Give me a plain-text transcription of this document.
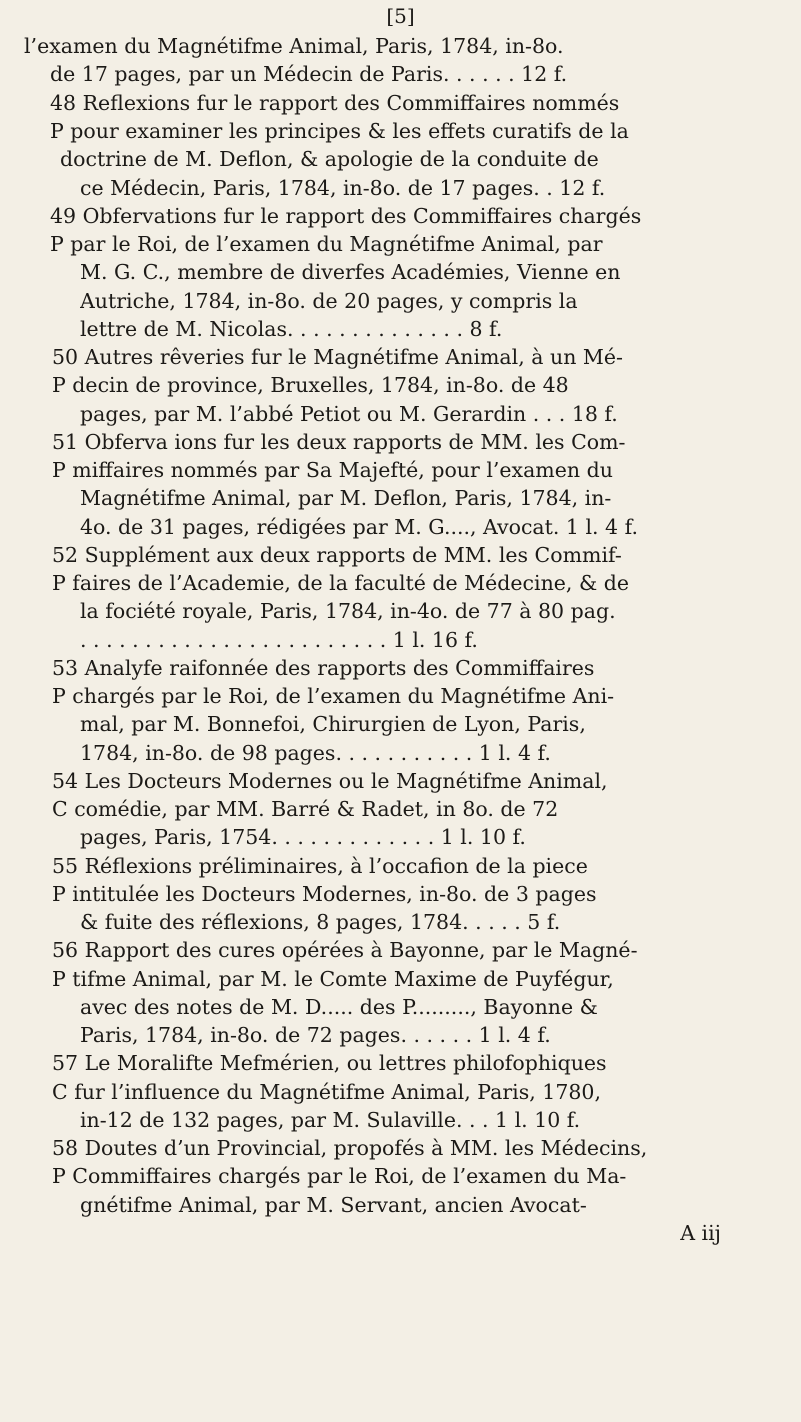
[5]
l’examen du Magnétifme Animal, Paris, 1784, in-8o.
de 17 pages, par un Médecin de Paris. . . . . . 12 f.
48 Reflexions fur le rapport des Commiffaires nommés
P pour examiner les principes & les effets curatifs de la
doctrine de M. Deflon, & apologie de la conduite de
ce Médecin, Paris, 1784, in-8o. de 17 pages. . 12 f.
49 Obfervations fur le rapport des Commiffaires chargés
P par le Roi, de l’examen du Magnétifme Animal, par
M. G. C., membre de diverfes Académies, Vienne en
Autriche, 1784, in-8o. de 20 pages, y compris la
lettre de M. Nicolas. . . . . . . . . . . . . . 8 f.
50 Autres rêveries fur le Magnétifme Animal, à un Mé-
P decin de province, Bruxelles, 1784, in-8o. de 48
pages, par M. l’abbé Petiot ou M. Gerardin . . . 18 f.
51 Obferva ions fur les deux rapports de MM. les Com-
P miffaires nommés par Sa Majefté, pour l’examen du
Magnétifme Animal, par M. Deflon, Paris, 1784, in-
4o. de 31 pages, rédigées par M. G...., Avocat. 1 l. 4 f.
52 Supplément aux deux rapports de MM. les Commif-
P faires de l’Academie, de la faculté de Médecine, & de
la fociété royale, Paris, 1784, in-4o. de 77 à 80 pag.
. . . . . . . . . . . . . . . . . . . . . . . . 1 l. 16 f.
53 Analyfe raifonnée des rapports des Commiffaires
P chargés par le Roi, de l’examen du Magnétifme Ani-
mal, par M. Bonnefoi, Chirurgien de Lyon, Paris,
1784, in-8o. de 98 pages. . . . . . . . . . . 1 l. 4 f.
54 Les Docteurs Modernes ou le Magnétifme Animal,
C comédie, par MM. Barré & Radet, in 8o. de 72
pages, Paris, 1754. . . . . . . . . . . . . 1 l. 10 f.
55 Réflexions préliminaires, à l’occafion de la piece
P intitulée les Docteurs Modernes, in-8o. de 3 pages
& fuite des réflexions, 8 pages, 1784. . . . . 5 f.
56 Rapport des cures opérées à Bayonne, par le Magné-
P tifme Animal, par M. le Comte Maxime de Puyfégur,
avec des notes de M. D..... des P........., Bayonne &
Paris, 1784, in-8o. de 72 pages. . . . . . 1 l. 4 f.
57 Le Moralifte Mefmérien, ou lettres philofophiques
C fur l’influence du Magnétifme Animal, Paris, 1780,
in-12 de 132 pages, par M. Sulaville. . . 1 l. 10 f.
58 Doutes d’un Provincial, propofés à MM. les Médecins,
P Commiffaires chargés par le Roi, de l’examen du Ma-
gnétifme Animal, par M. Servant, ancien Avocat-
A iij
